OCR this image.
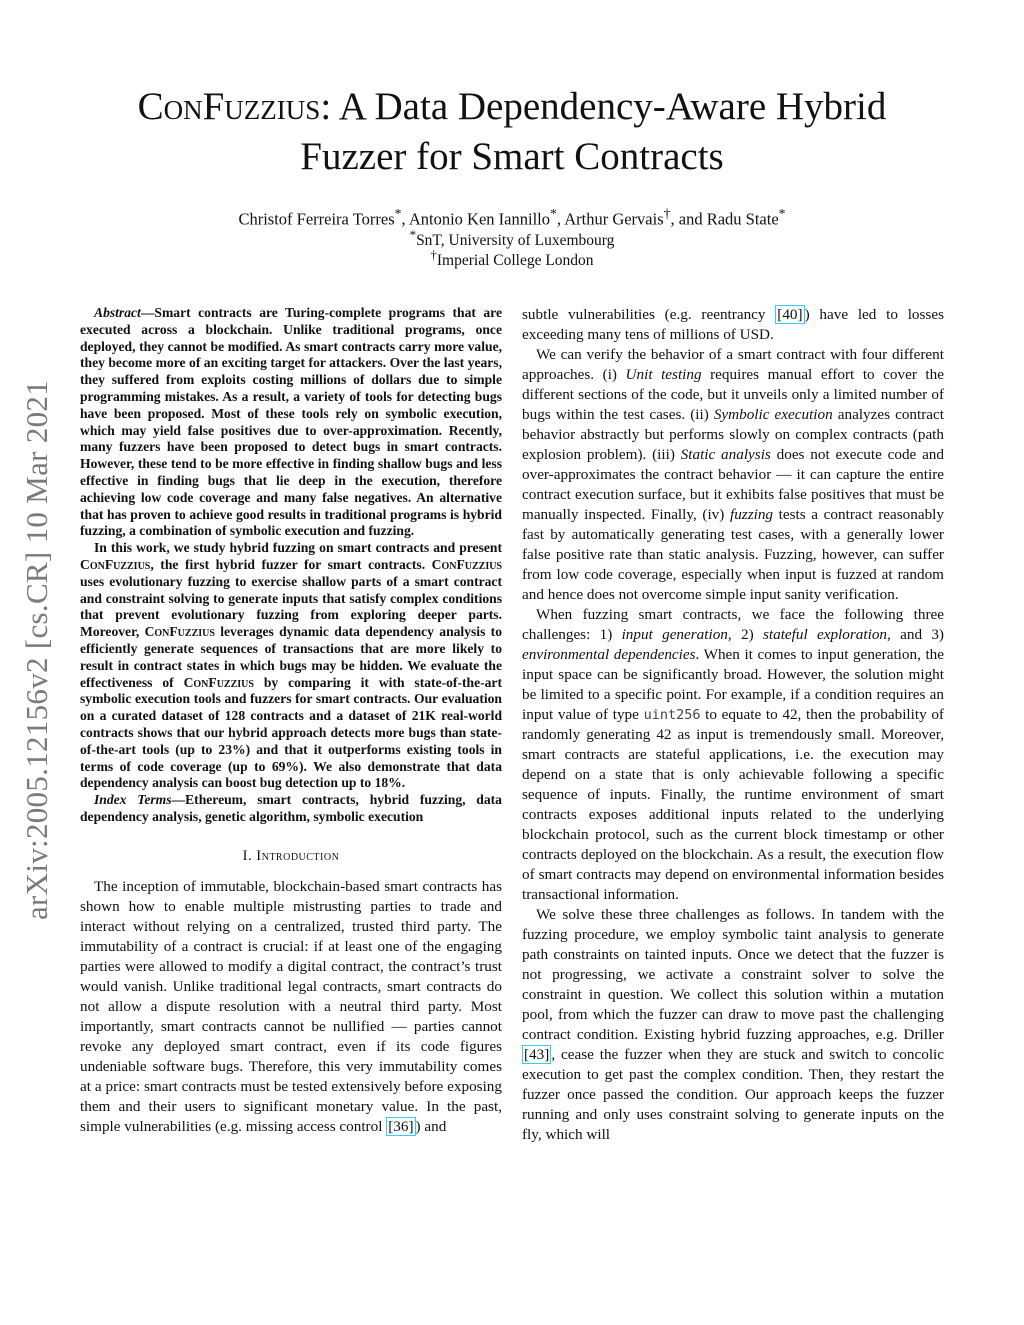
arXiv:2005.12156v2 [cs.CR] 10 Mar 2021
ConFuzzius: A Data Dependency-Aware Hybrid
Fuzzer for Smart Contracts
Christof Ferreira Torres*, Antonio Ken Iannillo*, Arthur Gervais†, and Radu State*
*SnT, University of Luxembourg
†Imperial College London

Abstract—Smart contracts are Turing-complete programs that are executed across a blockchain. Unlike traditional programs, once deployed, they cannot be modified. As smart contracts carry more value, they become more of an exciting target for attackers. Over the last years, they suffered from exploits costing millions of dollars due to simple programming mistakes. As a result, a variety of tools for detecting bugs have been proposed. Most of these tools rely on symbolic execution, which may yield false positives due to over-approximation. Recently, many fuzzers have been proposed to detect bugs in smart contracts. However, these tend to be more effective in finding shallow bugs and less effective in finding bugs that lie deep in the execution, therefore achieving low code coverage and many false negatives. An alternative that has proven to achieve good results in traditional programs is hybrid fuzzing, a combination of symbolic execution and fuzzing.

In this work, we study hybrid fuzzing on smart contracts and present ConFuzzius, the first hybrid fuzzer for smart contracts. ConFuzzius uses evolutionary fuzzing to exercise shallow parts of a smart contract and constraint solving to generate inputs that satisfy complex conditions that prevent evolutionary fuzzing from exploring deeper parts. Moreover, ConFuzzius leverages dynamic data dependency analysis to efficiently generate sequences of transactions that are more likely to result in contract states in which bugs may be hidden. We evaluate the effectiveness of ConFuzzius by comparing it with state-of-the-art symbolic execution tools and fuzzers for smart contracts. Our evaluation on a curated dataset of 128 contracts and a dataset of 21K real-world contracts shows that our hybrid approach detects more bugs than state-of-the-art tools (up to 23%) and that it outperforms existing tools in terms of code coverage (up to 69%). We also demonstrate that data dependency analysis can boost bug detection up to 18%.

Index Terms—Ethereum, smart contracts, hybrid fuzzing, data dependency analysis, genetic algorithm, symbolic execution

I. Introduction

The inception of immutable, blockchain-based smart contracts has shown how to enable multiple mistrusting parties to trade and interact without relying on a centralized, trusted third party. The immutability of a contract is crucial: if at least one of the engaging parties were allowed to modify a digital contract, the contract’s trust would vanish. Unlike traditional legal contracts, smart contracts do not allow a dispute resolution with a neutral third party. Most importantly, smart contracts cannot be nullified — parties cannot revoke any deployed smart contract, even if its code figures undeniable software bugs. Therefore, this very immutability comes at a price: smart contracts must be tested extensively before exposing them and their users to significant monetary value. In the past, simple vulnerabilities (e.g. missing access control [36] ) and

subtle vulnerabilities (e.g. reentrancy [40] ) have led to losses exceeding many tens of millions of USD.

We can verify the behavior of a smart contract with four different approaches. (i) Unit testing requires manual effort to cover the different sections of the code, but it unveils only a limited number of bugs within the test cases. (ii) Symbolic execution analyzes contract behavior abstractly but performs slowly on complex contracts (path explosion problem). (iii) Static analysis does not execute code and over-approximates the contract behavior — it can capture the entire contract execution surface, but it exhibits false positives that must be manually inspected. Finally, (iv) fuzzing tests a contract reasonably fast by automatically generating test cases, with a generally lower false positive rate than static analysis. Fuzzing, however, can suffer from low code coverage, especially when input is fuzzed at random and hence does not overcome simple input sanity verification.

When fuzzing smart contracts, we face the following three challenges: 1) input generation, 2) stateful exploration, and 3) environmental dependencies. When it comes to input generation, the input space can be significantly broad. However, the solution might be limited to a specific point. For example, if a condition requires an input value of type uint256 to equate to 42, then the probability of randomly generating 42 as input is tremendously small. Moreover, smart contracts are stateful applications, i.e. the execution may depend on a state that is only achievable following a specific sequence of inputs. Finally, the runtime environment of smart contracts exposes additional inputs related to the underlying blockchain protocol, such as the current block timestamp or other contracts deployed on the blockchain. As a result, the execution flow of smart contracts may depend on environmental information besides transactional information.

We solve these three challenges as follows. In tandem with the fuzzing procedure, we employ symbolic taint analysis to generate path constraints on tainted inputs. Once we detect that the fuzzer is not progressing, we activate a constraint solver to solve the constraint in question. We collect this solution within a mutation pool, from which the fuzzer can draw to move past the challenging contract condition. Existing hybrid fuzzing approaches, e.g. Driller [43] , cease the fuzzer when they are stuck and switch to concolic execution to get past the complex condition. Then, they restart the fuzzer once passed the condition. Our approach keeps the fuzzer running and only uses constraint solving to generate inputs on the fly, which will
